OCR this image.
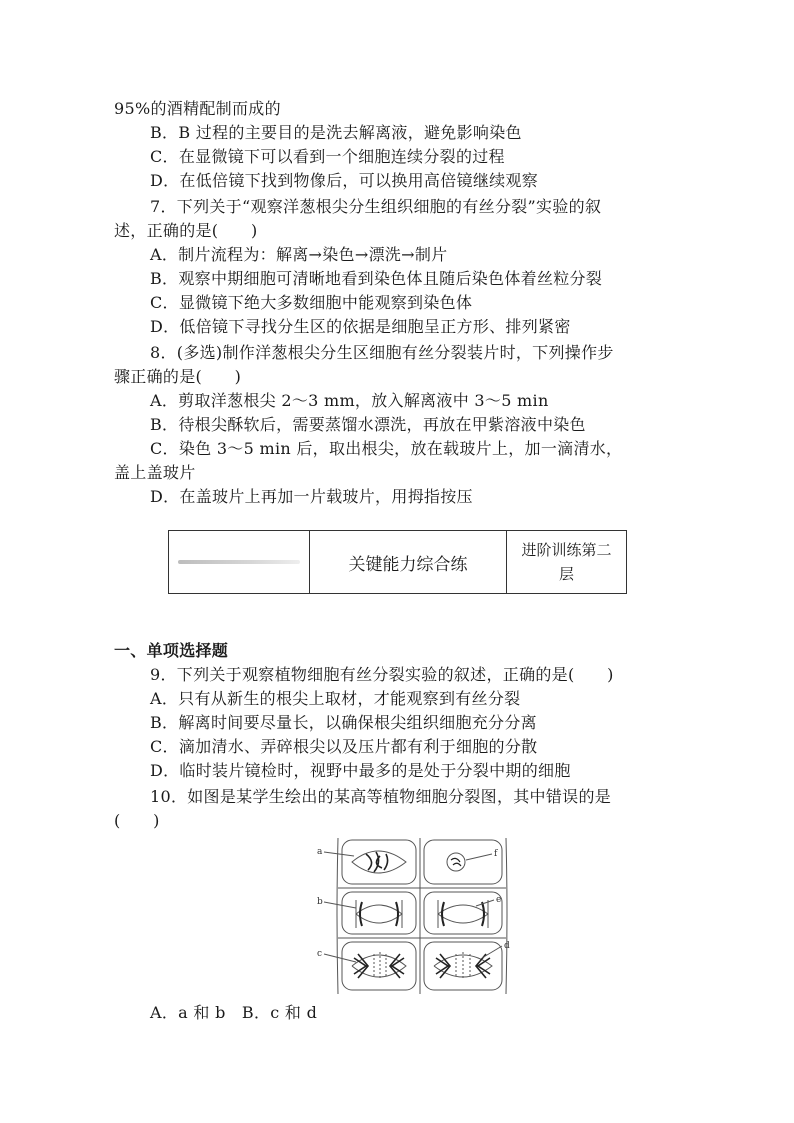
95%的酒精配制而成的
B．B 过程的主要目的是洗去解离液，避免影响染色
C．在显微镜下可以看到一个细胞连续分裂的过程
D．在低倍镜下找到物像后，可以换用高倍镜继续观察
7．下列关于“观察洋葱根尖分生组织细胞的有丝分裂”实验的叙
述，正确的是(　　)
A．制片流程为：解离→染色→漂洗→制片
B．观察中期细胞可清晰地看到染色体且随后染色体着丝粒分裂
C．显微镜下绝大多数细胞中能观察到染色体
D．低倍镜下寻找分生区的依据是细胞呈正方形、排列紧密
8．(多选)制作洋葱根尖分生区细胞有丝分裂装片时，下列操作步
骤正确的是(　　)
A．剪取洋葱根尖 2～3 mm，放入解离液中 3～5 min
B．待根尖酥软后，需要蒸馏水漂洗，再放在甲紫溶液中染色
C．染色 3～5 min 后，取出根尖，放在载玻片上，加一滴清水，
盖上盖玻片
D．在盖玻片上再加一片载玻片，用拇指按压
关键能力综合练
进阶训练第二层
一、单项选择题
9．下列关于观察植物细胞有丝分裂实验的叙述，正确的是(　　)
A．只有从新生的根尖上取材，才能观察到有丝分裂
B．解离时间要尽量长，以确保根尖组织细胞充分分离
C．滴加清水、弄碎根尖以及压片都有利于细胞的分散
D．临时装片镜检时，视野中最多的是处于分裂中期的细胞
10．如图是某学生绘出的某高等植物细胞分裂图，其中错误的是
(　　)
a
b
c
d
e
f
A．a 和 b　B．c 和 d
